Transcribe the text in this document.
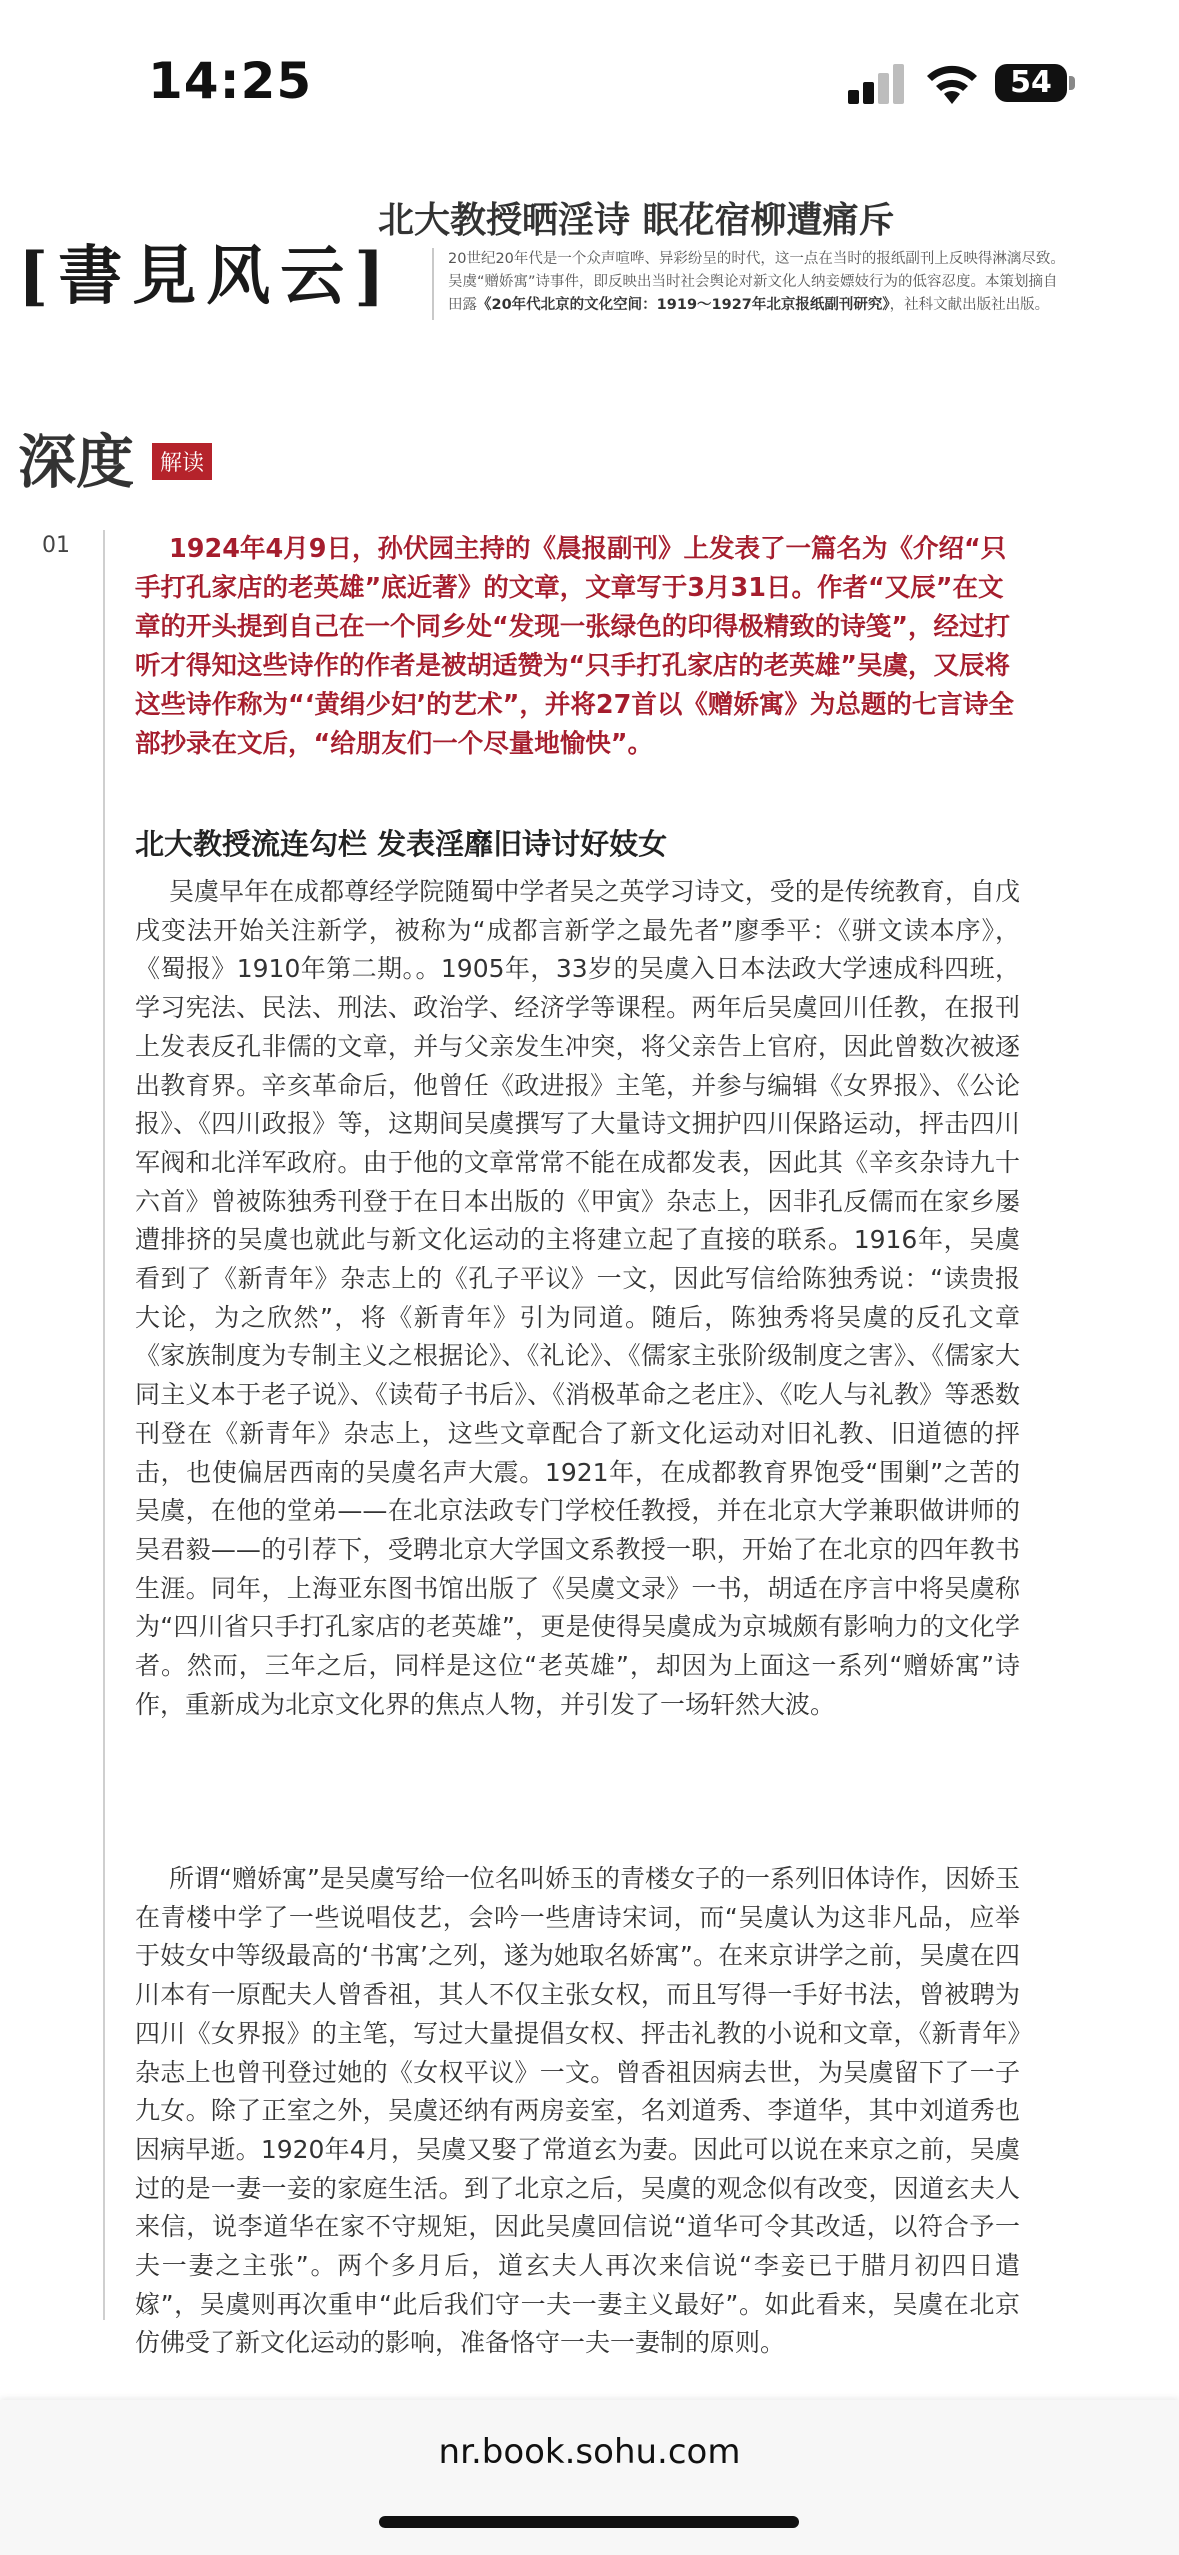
14:25	54
[書見风云]
北大教授晒淫诗 眠花宿柳遭痛斥
20世纪20年代是一个众声喧哗、异彩纷呈的时代，这一点在当时的报纸副刊上反映得淋漓尽致。
吴虞“赠娇寓”诗事件，即反映出当时社会舆论对新文化人纳妾嫖妓行为的低容忍度。本策划摘自
田露《20年代北京的文化空间：1919～1927年北京报纸副刊研究》，社科文献出版社出版。
深度	解读
01	1924年4月9日，孙伏园主持的《晨报副刊》上发表了一篇名为《介绍“只手打孔家店的老英雄”底近著》的文章，文章写于3月31日。作者“又辰”在文章的开头提到自己在一个同乡处“发现一张绿色的印得极精致的诗笺”，经过打听才得知这些诗作的作者是被胡适赞为“只手打孔家店的老英雄”吴虞，又辰将这些诗作称为“‘黄绢少妇’的艺术”，并将27首以《赠娇寓》为总题的七言诗全部抄录在文后，“给朋友们一个尽量地愉快”。

北大教授流连勾栏 发表淫靡旧诗讨好妓女

吴虞早年在成都尊经学院随蜀中学者吴之英学习诗文，受的是传统教育，自戊戌变法开始关注新学，被称为“成都言新学之最先者”廖季平：《骈文读本序》，《蜀报》1910年第二期。。1905年，33岁的吴虞入日本法政大学速成科四班，学习宪法、民法、刑法、政治学、经济学等课程。两年后吴虞回川任教，在报刊上发表反孔非儒的文章，并与父亲发生冲突，将父亲告上官府，因此曾数次被逐出教育界。辛亥革命后，他曾任《政进报》主笔，并参与编辑《女界报》、《公论报》、《四川政报》等，这期间吴虞撰写了大量诗文拥护四川保路运动，抨击四川军阀和北洋军政府。由于他的文章常常不能在成都发表，因此其《辛亥杂诗九十六首》曾被陈独秀刊登于在日本出版的《甲寅》杂志上，因非孔反儒而在家乡屡遭排挤的吴虞也就此与新文化运动的主将建立起了直接的联系。1916年，吴虞看到了《新青年》杂志上的《孔子平议》一文，因此写信给陈独秀说：“读贵报大论，为之欣然”，将《新青年》引为同道。随后，陈独秀将吴虞的反孔文章《家族制度为专制主义之根据论》、《礼论》、《儒家主张阶级制度之害》、《儒家大同主义本于老子说》、《读荀子书后》、《消极革命之老庄》、《吃人与礼教》等悉数刊登在《新青年》杂志上，这些文章配合了新文化运动对旧礼教、旧道德的抨击，也使偏居西南的吴虞名声大震。1921年，在成都教育界饱受“围剿”之苦的吴虞，在他的堂弟——在北京法政专门学校任教授，并在北京大学兼职做讲师的吴君毅——的引荐下，受聘北京大学国文系教授一职，开始了在北京的四年教书生涯。同年，上海亚东图书馆出版了《吴虞文录》一书，胡适在序言中将吴虞称为“四川省只手打孔家店的老英雄”，更是使得吴虞成为京城颇有影响力的文化学者。然而，三年之后，同样是这位“老英雄”，却因为上面这一系列“赠娇寓”诗作，重新成为北京文化界的焦点人物，并引发了一场轩然大波。

所谓“赠娇寓”是吴虞写给一位名叫娇玉的青楼女子的一系列旧体诗作，因娇玉在青楼中学了一些说唱伎艺，会吟一些唐诗宋词，而“吴虞认为这非凡品，应举于妓女中等级最高的‘书寓’之列，遂为她取名娇寓”。在来京讲学之前，吴虞在四川本有一原配夫人曾香祖，其人不仅主张女权，而且写得一手好书法，曾被聘为四川《女界报》的主笔，写过大量提倡女权、抨击礼教的小说和文章，《新青年》杂志上也曾刊登过她的《女权平议》一文。曾香祖因病去世，为吴虞留下了一子九女。除了正室之外，吴虞还纳有两房妾室，名刘道秀、李道华，其中刘道秀也因病早逝。1920年4月，吴虞又娶了常道玄为妻。因此可以说在来京之前，吴虞过的是一妻一妾的家庭生活。到了北京之后，吴虞的观念似有改变，因道玄夫人来信，说李道华在家不守规矩，因此吴虞回信说“道华可令其改适，以符合予一夫一妻之主张”。两个多月后，道玄夫人再次来信说“李妾已于腊月初四日遣嫁”，吴虞则再次重申“此后我们守一夫一妻主义最好”。如此看来，吴虞在北京仿佛受了新文化运动的影响，准备恪守一夫一妻制的原则。

nr.book.sohu.com
